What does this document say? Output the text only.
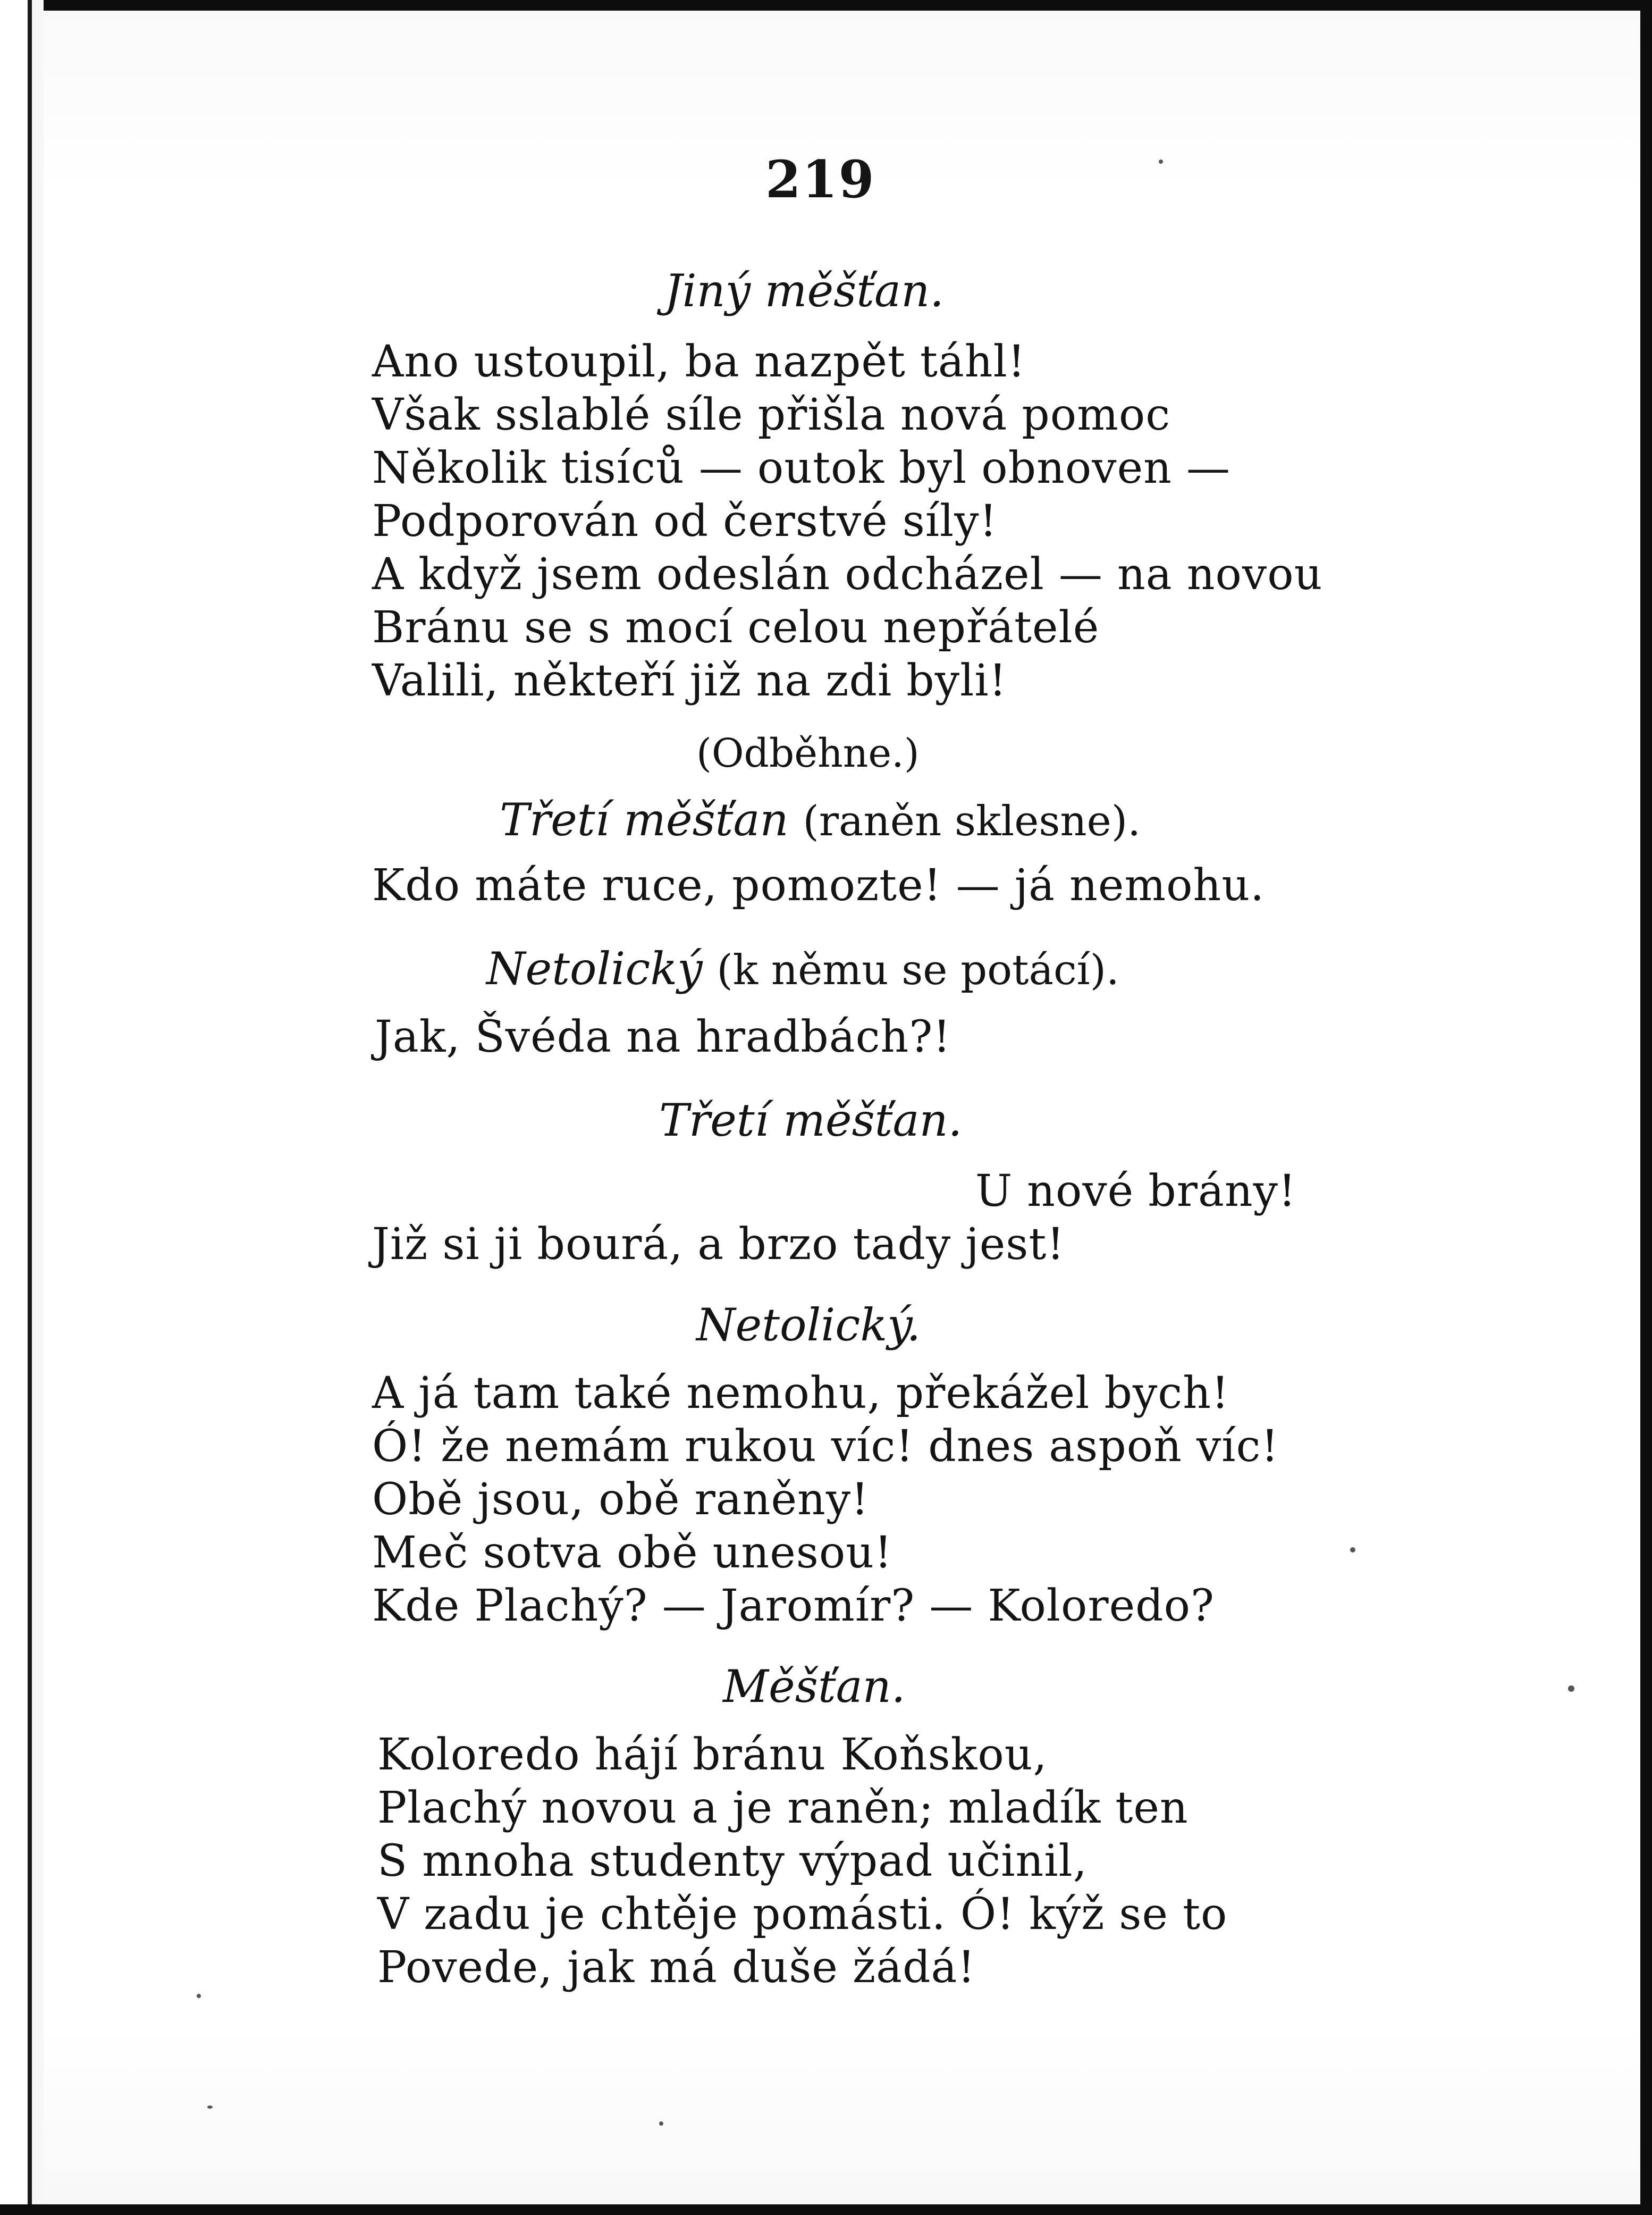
219
Jiný měšťan.
Ano ustoupil, ba nazpět táhl!
Však sslablé síle přišla nová pomoc
Několik tisíců — outok byl obnoven —
Podporován od čerstvé síly!
A když jsem odeslán odcházel — na novou
Bránu se s mocí celou nepřátelé
Valili, někteří již na zdi byli!
(Odběhne.)
Třetí měšťan (raněn sklesne).
Kdo máte ruce, pomozte! — já nemohu.
Netolický (k němu se potácí).
Jak, Švéda na hradbách?!
Třetí měšťan.
U nové brány!
Již si ji bourá, a brzo tady jest!
Netolický.
A já tam také nemohu, překážel bych!
Ó! že nemám rukou víc! dnes aspoň víc!
Obě jsou, obě raněny!
Meč sotva obě unesou!
Kde Plachý? — Jaromír? — Koloredo?
Měšťan.
Koloredo hájí bránu Koňskou,
Plachý novou a je raněn; mladík ten
S mnoha studenty výpad učinil,
V zadu je chtěje pomásti. Ó! kýž se to
Povede, jak má duše žádá!
